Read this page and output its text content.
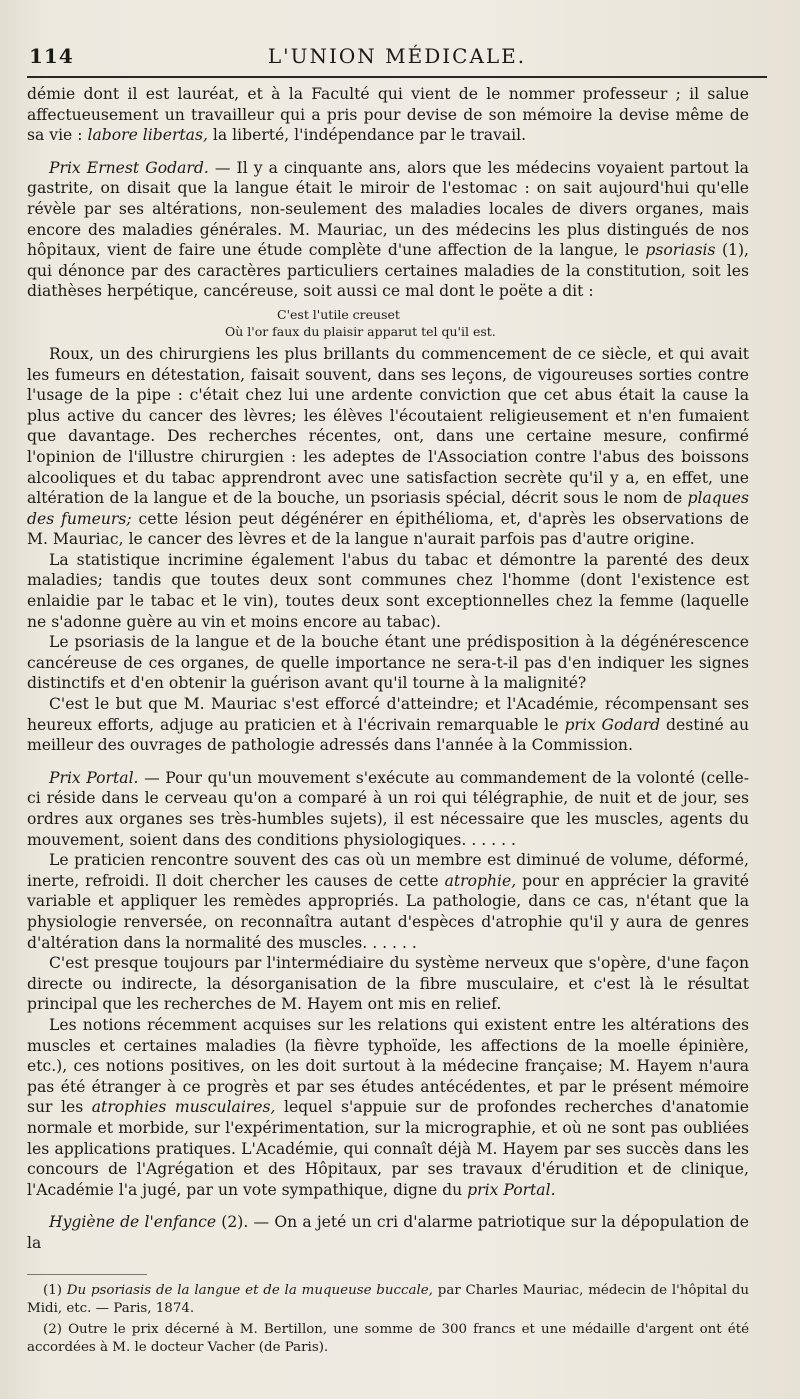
114	L'UNION MÉDICALE.

démie dont il est lauréat, et à la Faculté qui vient de le nommer professeur ; il salue affectueusement un travailleur qui a pris pour devise de son mémoire la devise même de sa vie : labore libertas, la liberté, l'indépendance par le travail.

Prix Ernest Godard. — Il y a cinquante ans, alors que les médecins voyaient partout la gastrite, on disait que la langue était le miroir de l'estomac : on sait aujourd'hui qu'elle révèle par ses altérations, non-seulement des maladies locales de divers organes, mais encore des maladies générales. M. Mauriac, un des médecins les plus distingués de nos hôpitaux, vient de faire une étude complète d'une affection de la langue, le psoriasis (1), qui dénonce par des caractères particuliers certaines maladies de la constitution, soit les diathèses herpétique, cancéreuse, soit aussi ce mal dont le poëte a dit :

C'est l'utile creuset
Où l'or faux du plaisir apparut tel qu'il est.

Roux, un des chirurgiens les plus brillants du commencement de ce siècle, et qui avait les fumeurs en détestation, faisait souvent, dans ses leçons, de vigoureuses sorties contre l'usage de la pipe : c'était chez lui une ardente conviction que cet abus était la cause la plus active du cancer des lèvres; les élèves l'écoutaient religieusement et n'en fumaient que davantage. Des recherches récentes, ont, dans une certaine mesure, confirmé l'opinion de l'illustre chirurgien : les adeptes de l'Association contre l'abus des boissons alcooliques et du tabac apprendront avec une satisfaction secrète qu'il y a, en effet, une altération de la langue et de la bouche, un psoriasis spécial, décrit sous le nom de plaques des fumeurs; cette lésion peut dégénérer en épithélioma, et, d'après les observations de M. Mauriac, le cancer des lèvres et de la langue n'aurait parfois pas d'autre origine.

La statistique incrimine également l'abus du tabac et démontre la parenté des deux maladies; tandis que toutes deux sont communes chez l'homme (dont l'existence est enlaidie par le tabac et le vin), toutes deux sont exceptionnelles chez la femme (laquelle ne s'adonne guère au vin et moins encore au tabac).

Le psoriasis de la langue et de la bouche étant une prédisposition à la dégénérescence cancéreuse de ces organes, de quelle importance ne sera-t-il pas d'en indiquer les signes distinctifs et d'en obtenir la guérison avant qu'il tourne à la malignité?

C'est le but que M. Mauriac s'est efforcé d'atteindre; et l'Académie, récompensant ses heureux efforts, adjuge au praticien et à l'écrivain remarquable le prix Godard destiné au meilleur des ouvrages de pathologie adressés dans l'année à la Commission.

Prix Portal. — Pour qu'un mouvement s'exécute au commandement de la volonté (celle-ci réside dans le cerveau qu'on a comparé à un roi qui télégraphie, de nuit et de jour, ses ordres aux organes ses très-humbles sujets), il est nécessaire que les muscles, agents du mouvement, soient dans des conditions physiologiques. . . . . .

Le praticien rencontre souvent des cas où un membre est diminué de volume, déformé, inerte, refroidi. Il doit chercher les causes de cette atrophie, pour en apprécier la gravité variable et appliquer les remèdes appropriés. La pathologie, dans ce cas, n'étant que la physiologie renversée, on reconnaîtra autant d'espèces d'atrophie qu'il y aura de genres d'altération dans la normalité des muscles. . . . . .

C'est presque toujours par l'intermédiaire du système nerveux que s'opère, d'une façon directe ou indirecte, la désorganisation de la fibre musculaire, et c'est là le résultat principal que les recherches de M. Hayem ont mis en relief.

Les notions récemment acquises sur les relations qui existent entre les altérations des muscles et certaines maladies (la fièvre typhoïde, les affections de la moelle épinière, etc.), ces notions positives, on les doit surtout à la médecine française; M. Hayem n'aura pas été étranger à ce progrès et par ses études antécédentes, et par le présent mémoire sur les atrophies musculaires, lequel s'appuie sur de profondes recherches d'anatomie normale et morbide, sur l'expérimentation, sur la micrographie, et où ne sont pas oubliées les applications pratiques. L'Académie, qui connaît déjà M. Hayem par ses succès dans les concours de l'Agrégation et des Hôpitaux, par ses travaux d'érudition et de clinique, l'Académie l'a jugé, par un vote sympathique, digne du prix Portal.

Hygiène de l'enfance (2). — On a jeté un cri d'alarme patriotique sur la dépopulation de la

(1) Du psoriasis de la langue et de la muqueuse buccale, par Charles Mauriac, médecin de l'hôpital du Midi, etc. — Paris, 1874.

(2) Outre le prix décerné à M. Bertillon, une somme de 300 francs et une médaille d'argent ont été accordées à M. le docteur Vacher (de Paris).
